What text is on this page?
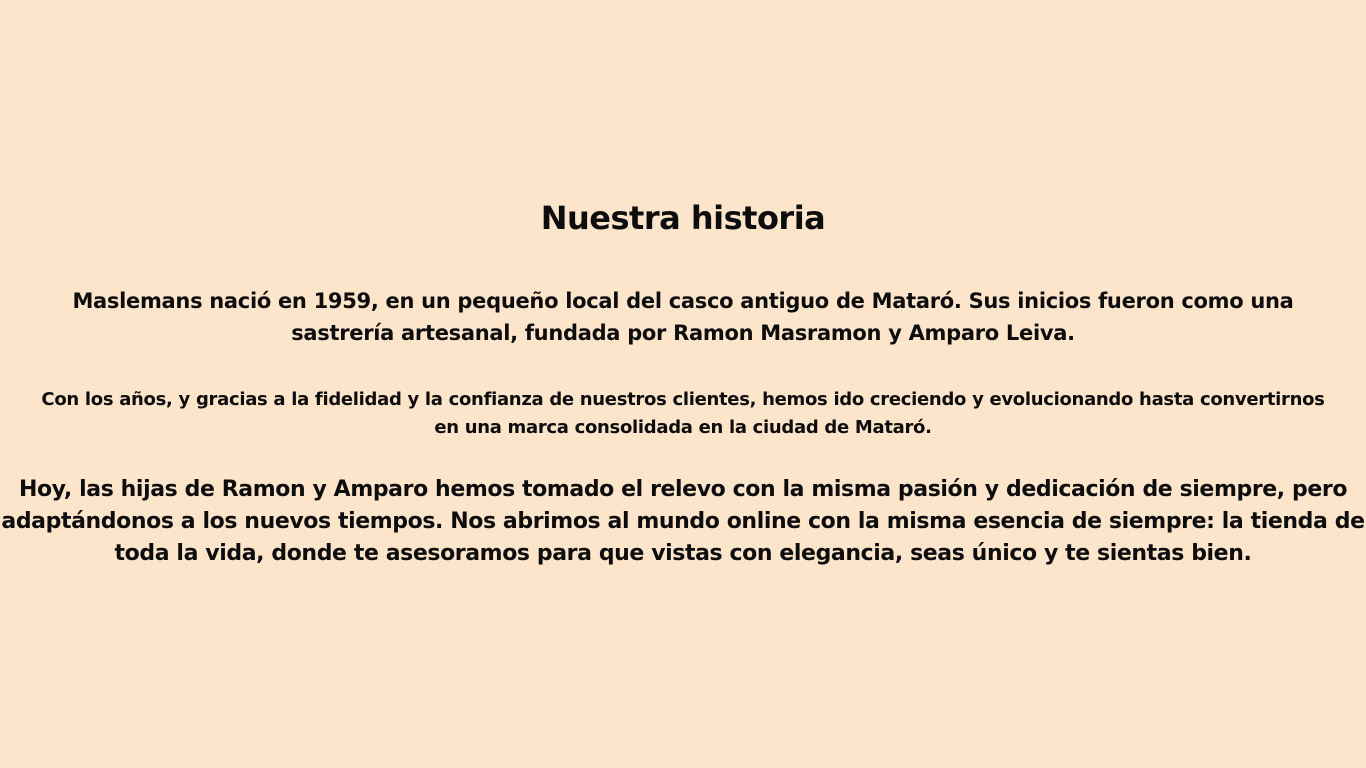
Nuestra historia

Maslemans nació en 1959, en un pequeño local del casco antiguo de Mataró. Sus inicios fueron como una sastrería artesanal, fundada por Ramon Masramon y Amparo Leiva.

Con los años, y gracias a la fidelidad y la confianza de nuestros clientes, hemos ido creciendo y evolucionando hasta convertirnos en una marca consolidada en la ciudad de Mataró.

Hoy, las hijas de Ramon y Amparo hemos tomado el relevo con la misma pasión y dedicación de siempre, pero adaptándonos a los nuevos tiempos. Nos abrimos al mundo online con la misma esencia de siempre: la tienda de toda la vida, donde te asesoramos para que vistas con elegancia, seas único y te sientas bien.
